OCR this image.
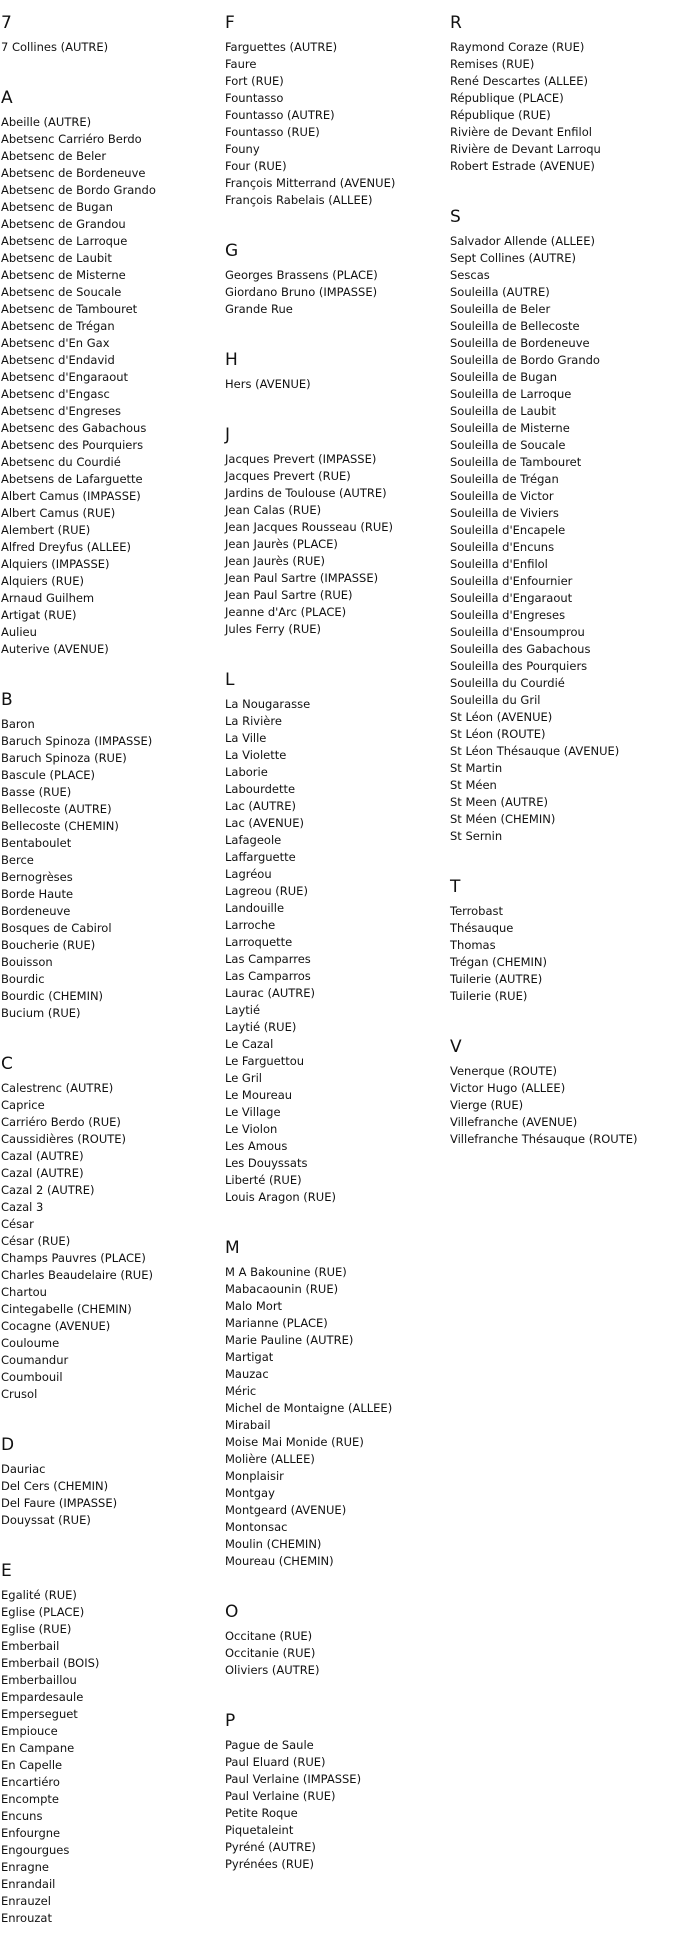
7
7 Collines (AUTRE)
A
Abeille (AUTRE)
Abetsenc Carriéro Berdo
Abetsenc de Beler
Abetsenc de Bordeneuve
Abetsenc de Bordo Grando
Abetsenc de Bugan
Abetsenc de Grandou
Abetsenc de Larroque
Abetsenc de Laubit
Abetsenc de Misterne
Abetsenc de Soucale
Abetsenc de Tambouret
Abetsenc de Trégan
Abetsenc d'En Gax
Abetsenc d'Endavid
Abetsenc d'Engaraout
Abetsenc d'Engasc
Abetsenc d'Engreses
Abetsenc des Gabachous
Abetsenc des Pourquiers
Abetsenc du Courdié
Abetsens de Lafarguette
Albert Camus (IMPASSE)
Albert Camus (RUE)
Alembert (RUE)
Alfred Dreyfus (ALLEE)
Alquiers (IMPASSE)
Alquiers (RUE)
Arnaud Guilhem
Artigat (RUE)
Aulieu
Auterive (AVENUE)
B
Baron
Baruch Spinoza (IMPASSE)
Baruch Spinoza (RUE)
Bascule (PLACE)
Basse (RUE)
Bellecoste (AUTRE)
Bellecoste (CHEMIN)
Bentaboulet
Berce
Bernogrèses
Borde Haute
Bordeneuve
Bosques de Cabirol
Boucherie (RUE)
Bouisson
Bourdic
Bourdic (CHEMIN)
Bucium (RUE)
C
Calestrenc (AUTRE)
Caprice
Carriéro Berdo (RUE)
Caussidières (ROUTE)
Cazal (AUTRE)
Cazal (AUTRE)
Cazal 2 (AUTRE)
Cazal 3
César
César (RUE)
Champs Pauvres (PLACE)
Charles Beaudelaire (RUE)
Chartou
Cintegabelle (CHEMIN)
Cocagne (AVENUE)
Couloume
Coumandur
Coumbouil
Crusol
D
Dauriac
Del Cers (CHEMIN)
Del Faure (IMPASSE)
Douyssat (RUE)
E
Egalité (RUE)
Eglise (PLACE)
Eglise (RUE)
Emberbail
Emberbail (BOIS)
Emberbaillou
Empardesaule
Emperseguet
Empiouce
En Campane
En Capelle
Encartiéro
Encompte
Encuns
Enfourgne
Engourgues
Enragne
Enrandail
Enrauzel
Enrouzat
F
Farguettes (AUTRE)
Faure
Fort (RUE)
Fountasso
Fountasso (AUTRE)
Fountasso (RUE)
Founy
Four (RUE)
François Mitterrand (AVENUE)
François Rabelais (ALLEE)
G
Georges Brassens (PLACE)
Giordano Bruno (IMPASSE)
Grande Rue
H
Hers (AVENUE)
J
Jacques Prevert (IMPASSE)
Jacques Prevert (RUE)
Jardins de Toulouse (AUTRE)
Jean Calas (RUE)
Jean Jacques Rousseau (RUE)
Jean Jaurès (PLACE)
Jean Jaurès (RUE)
Jean Paul Sartre (IMPASSE)
Jean Paul Sartre (RUE)
Jeanne d'Arc (PLACE)
Jules Ferry (RUE)
L
La Nougarasse
La Rivière
La Ville
La Violette
Laborie
Labourdette
Lac (AUTRE)
Lac (AVENUE)
Lafageole
Laffarguette
Lagréou
Lagreou (RUE)
Landouille
Larroche
Larroquette
Las Camparres
Las Camparros
Laurac (AUTRE)
Laytié
Laytié (RUE)
Le Cazal
Le Farguettou
Le Gril
Le Moureau
Le Village
Le Violon
Les Amous
Les Douyssats
Liberté (RUE)
Louis Aragon (RUE)
M
M A Bakounine (RUE)
Mabacaounin (RUE)
Malo Mort
Marianne (PLACE)
Marie Pauline (AUTRE)
Martigat
Mauzac
Méric
Michel de Montaigne (ALLEE)
Mirabail
Moise Mai Monide (RUE)
Molière (ALLEE)
Monplaisir
Montgay
Montgeard (AVENUE)
Montonsac
Moulin (CHEMIN)
Moureau (CHEMIN)
O
Occitane (RUE)
Occitanie (RUE)
Oliviers (AUTRE)
P
Pague de Saule
Paul Eluard (RUE)
Paul Verlaine (IMPASSE)
Paul Verlaine (RUE)
Petite Roque
Piquetaleint
Pyréné (AUTRE)
Pyrénées (RUE)
R
Raymond Coraze (RUE)
Remises (RUE)
René Descartes (ALLEE)
République (PLACE)
République (RUE)
Rivière de Devant Enfilol
Rivière de Devant Larroqu
Robert Estrade (AVENUE)
S
Salvador Allende (ALLEE)
Sept Collines (AUTRE)
Sescas
Souleilla (AUTRE)
Souleilla de Beler
Souleilla de Bellecoste
Souleilla de Bordeneuve
Souleilla de Bordo Grando
Souleilla de Bugan
Souleilla de Larroque
Souleilla de Laubit
Souleilla de Misterne
Souleilla de Soucale
Souleilla de Tambouret
Souleilla de Trégan
Souleilla de Victor
Souleilla de Viviers
Souleilla d'Encapele
Souleilla d'Encuns
Souleilla d'Enfilol
Souleilla d'Enfournier
Souleilla d'Engaraout
Souleilla d'Engreses
Souleilla d'Ensoumprou
Souleilla des Gabachous
Souleilla des Pourquiers
Souleilla du Courdié
Souleilla du Gril
St Léon (AVENUE)
St Léon (ROUTE)
St Léon Thésauque (AVENUE)
St Martin
St Méen
St Meen (AUTRE)
St Méen (CHEMIN)
St Sernin
T
Terrobast
Thésauque
Thomas
Trégan (CHEMIN)
Tuilerie (AUTRE)
Tuilerie (RUE)
V
Venerque (ROUTE)
Victor Hugo (ALLEE)
Vierge (RUE)
Villefranche (AVENUE)
Villefranche Thésauque (ROUTE)
